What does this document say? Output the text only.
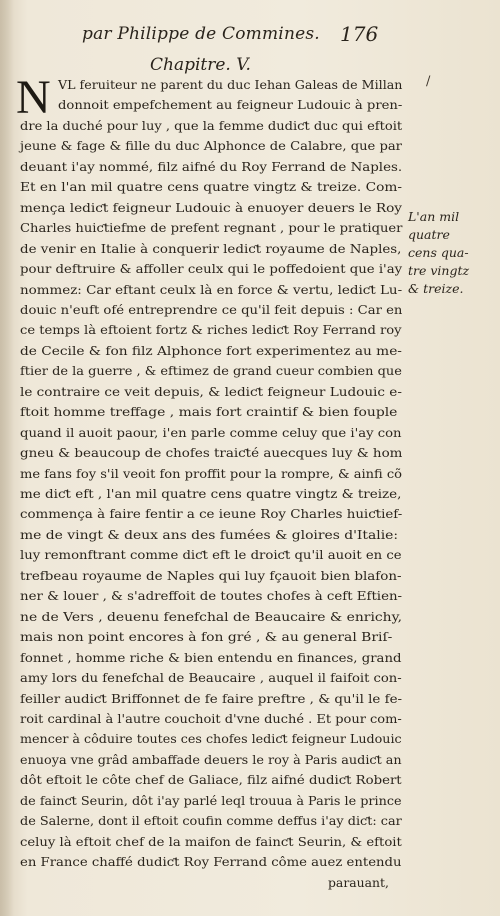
par Philippe de Commines.	176
Chapitre. V.
/
N VL feruiteur ne parent du duc Iehan Galeas de Millan
donnoit empefchement au feigneur Ludouic à pren-
dre la duché pour luy , que la femme dudiƈt duc qui eftoit
jeune & fage & fille du duc Alphonce de Calabre, que par
deuant i'ay nommé, filz aifné du Roy Ferrand de Naples.
Et en l'an mil quatre cens quatre vingtz & treize. Com-
mença lediƈt feigneur Ludouic à enuoyer deuers le Roy
Charles huiƈtiefme de prefent regnant , pour le pratiquer
de venir en Italie à conquerir lediƈt royaume de Naples,
pour deftruire & affoller ceulx qui le poffedoient que i'ay
nommez: Car eftant ceulx là en force & vertu, lediƈt Lu-
douic n'euft ofé entreprendre ce qu'il feit depuis : Car en
ce temps là eftoient fortz & riches lediƈt Roy Ferrand roy
de Cecile & fon filz Alphonce fort experimentez au me-
ftier de la guerre , & eftimez de grand cueur combien que
le contraire ce veit depuis, & lediƈt feigneur Ludouic e-
ftoit homme treffage , mais fort craintif & bien fouple
quand il auoit paour, i'en parle comme celuy que i'ay con
gneu & beaucoup de chofes traiƈté auecques luy & hom
me fans foy s'il veoit fon proffit pour la rompre, & ainfi cõ
me diƈt eft , l'an mil quatre cens quatre vingtz & treize,
commença à faire fentir a ce ieune Roy Charles huiƈtief-
me de vingt & deux ans des fumées & gloires d'Italie:
luy remonftrant comme diƈt eft le droiƈt qu'il auoit en ce
trefbeau royaume de Naples qui luy fçauoit bien blafon-
ner & louer , & s'adreffoit de toutes chofes à ceft Eftien-
ne de Vers , deuenu fenefchal de Beaucaire & enrichy,
mais non point encores à fon gré , & au general Briſ-
fonnet , homme riche & bien entendu en finances, grand
amy lors du fenefchal de Beaucaire , auquel il faifoit con-
feiller audiƈt Briffonnet de fe faire preftre , & qu'il le fe-
roit cardinal à l'autre couchoit d'vne duché . Et pour com-
mencer à côduire toutes ces chofes lediƈt feigneur Ludouic
enuoya vne grâd ambaffade deuers le roy à Paris audiƈt an
dôt eftoit le côte chef de Galiace, filz aifné dudiƈt Robert
de fainƈt Seurin, dôt i'ay parlé leql trouua à Paris le prince
de Salerne, dont il eftoit coufin comme deffus i'ay diƈt: car
celuy là eftoit chef de la maifon de fainƈt Seurin, & eftoit
en France chaffé dudiƈt Roy Ferrand côme auez entendu
parauant,
L'an mil
quatre
cens qua-
tre vingtz
& treize.
